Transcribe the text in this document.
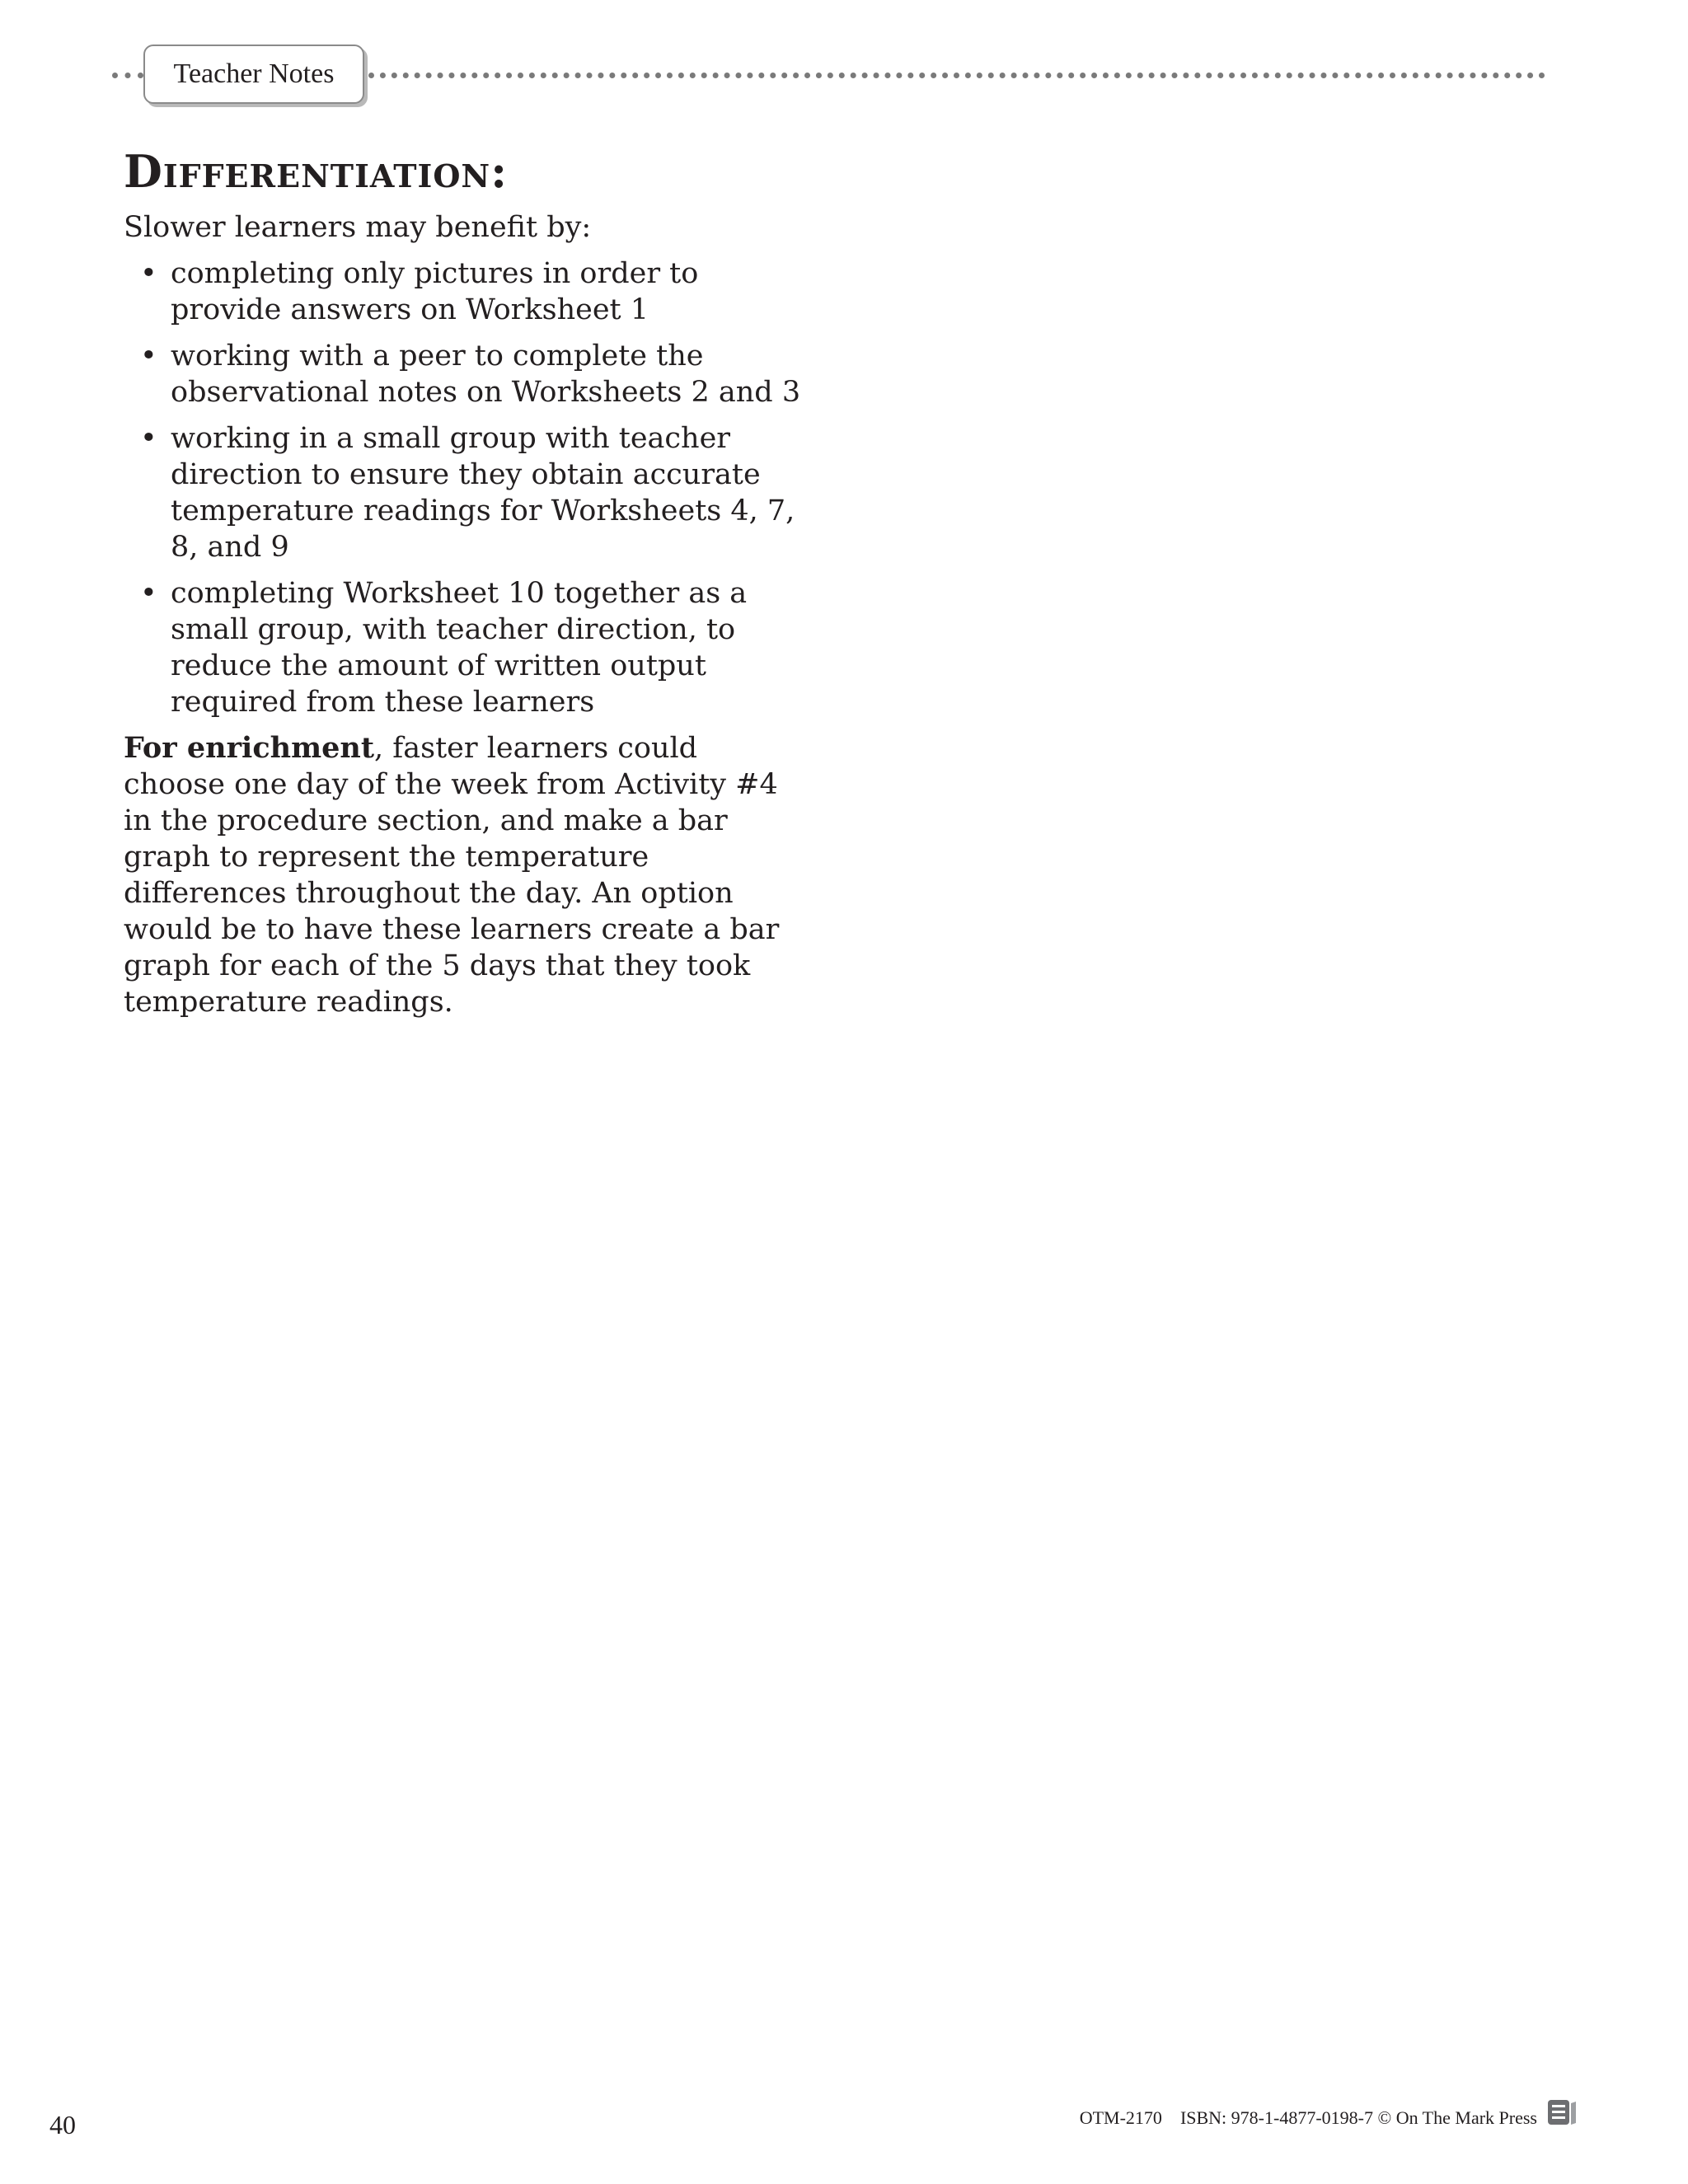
Teacher Notes
Differentiation:

Slower learners may benefit by:

• completing only pictures in order to provide answers on Worksheet 1
• working with a peer to complete the observational notes on Worksheets 2 and 3
• working in a small group with teacher direction to ensure they obtain accurate temperature readings for Worksheets 4, 7, 8, and 9
• completing Worksheet 10 together as a small group, with teacher direction, to reduce the amount of written output required from these learners

For enrichment, faster learners could choose one day of the week from Activity #4 in the procedure section, and make a bar graph to represent the temperature differences throughout the day. An option would be to have these learners create a bar graph for each of the 5 days that they took temperature readings.

40	OTM-2170 ISBN: 978-1-4877-0198-7 © On The Mark Press
